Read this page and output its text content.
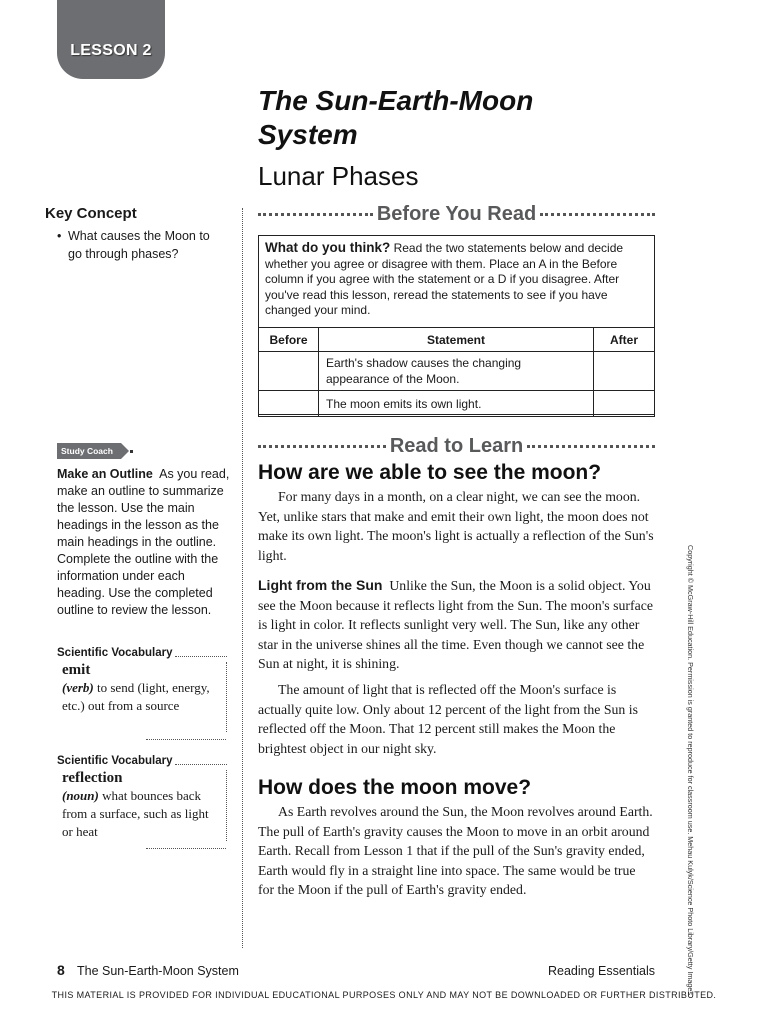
LESSON 2
The Sun-Earth-Moon System
Lunar Phases
Key Concept
• What causes the Moon to go through phases?
Before You Read
What do you think? Read the two statements below and decide whether you agree or disagree with them. Place an A in the Before column if you agree with the statement or a D if you disagree. After you've read this lesson, reread the statements to see if you have changed your mind.
Before	Statement	After
	Earth's shadow causes the changing appearance of the Moon.	
	The moon emits its own light.	
Study Coach
Make an Outline As you read, make an outline to summarize the lesson. Use the main headings in the lesson as the main headings in the outline. Complete the outline with the information under each heading. Use the completed outline to review the lesson.
Scientific Vocabulary
emit
(verb) to send (light, energy, etc.) out from a source
Scientific Vocabulary
reflection
(noun) what bounces back from a surface, such as light or heat
Read to Learn
How are we able to see the moon?

For many days in a month, on a clear night, we can see the moon. Yet, unlike stars that make and emit their own light, the moon does not make its own light. The moon's light is actually a reflection of the Sun's light.

Light from the Sun Unlike the Sun, the Moon is a solid object. You see the Moon because it reflects light from the Sun. The moon's surface is light in color. It reflects sunlight very well. The Sun, like any other star in the universe shines all the time. Even though we cannot see the Sun at night, it is shining.

The amount of light that is reflected off the Moon's surface is actually quite low. Only about 12 percent of the light from the Sun is reflected off the Moon. That 12 percent still makes the Moon the brightest object in our night sky.

How does the moon move?

As Earth revolves around the Sun, the Moon revolves around Earth. The pull of Earth's gravity causes the Moon to move in an orbit around Earth. Recall from Lesson 1 that if the pull of the Sun's gravity ended, Earth would fly in a straight line into space. The same would be true for the Moon if the pull of Earth's gravity ended.	Copyright © McGraw-Hill Education. Permission is granted to reproduce for classroom use. Mehau Kulyk/Science Photo Library/Getty Images
8 The Sun-Earth-Moon System	Reading Essentials
THIS MATERIAL IS PROVIDED FOR INDIVIDUAL EDUCATIONAL PURPOSES ONLY AND MAY NOT BE DOWNLOADED OR FURTHER DISTRIBUTED.
